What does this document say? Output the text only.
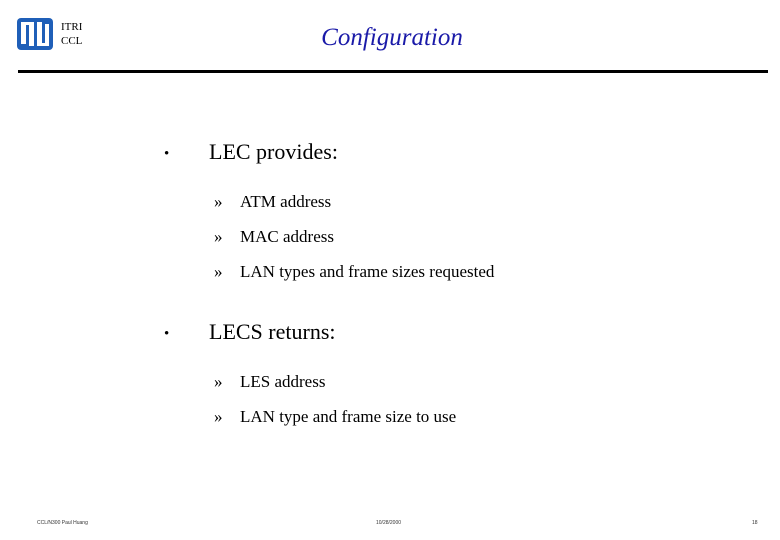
ITRI
CCL	Configuration
• LEC provides:
» ATM address
» MAC address
» LAN types and frame sizes requested
• LECS returns:
» LES address
» LAN type and frame size to use
CCL/N300 Paul Huang	10/28/2000	18
